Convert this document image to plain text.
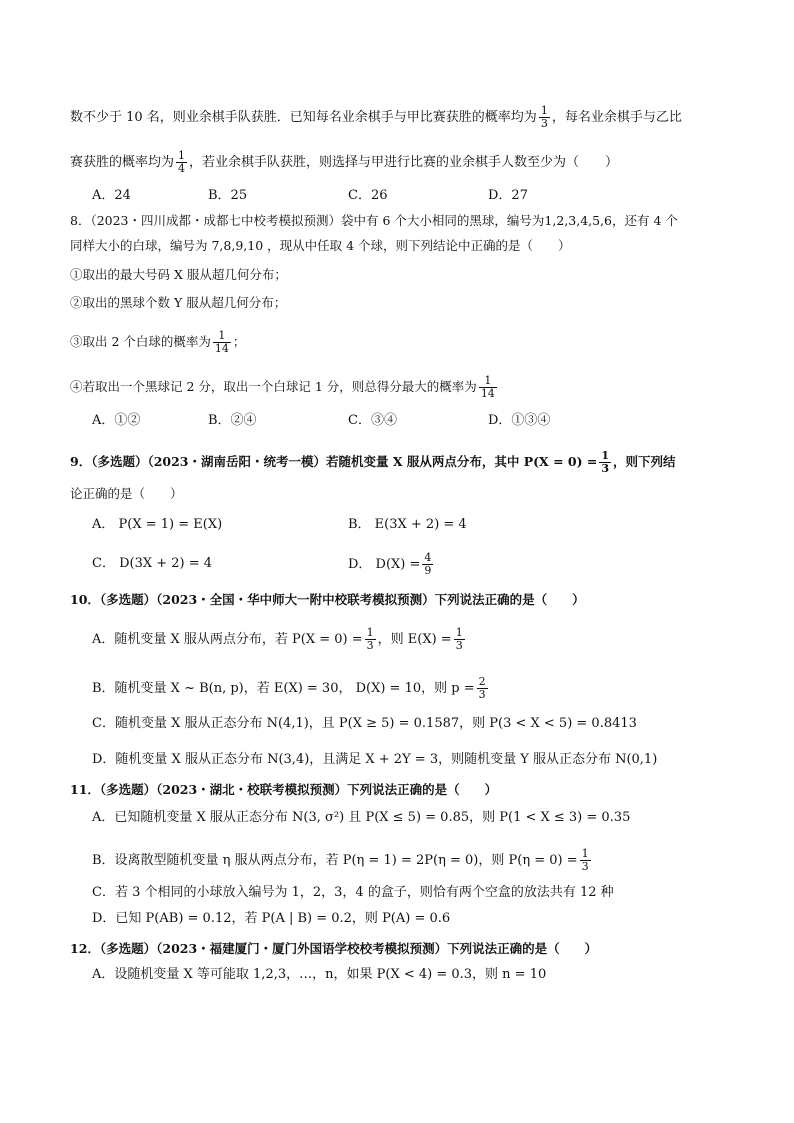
数不少于 10 名，则业余棋手队获胜．已知每名业余棋手与甲比赛获胜的概率均为 $\frac{1}{3}$ ，每名业余棋手与乙比
赛获胜的概率均为 $\frac{1}{4}$ ，若业余棋手队获胜，则选择与甲进行比赛的业余棋手人数至少为（　　）
A．24	B．25	C．26	D．27
8．（2023・四川成都・成都七中校考模拟预测）袋中有 6 个大小相同的黑球，编号为1,2,3,4,5,6，还有 4 个
同样大小的白球，编号为 7,8,9,10 ，现从中任取 4 个球，则下列结论中正确的是（　　）
①取出的最大号码 X 服从超几何分布；
②取出的黑球个数 Y 服从超几何分布；
③取出 2 个白球的概率为 $\frac{1}{14}$ ；
④若取出一个黑球记 2 分，取出一个白球记 1 分，则总得分最大的概率为 $\frac{1}{14}$
A．①②	B．②④	C．③④	D．①③④
9．（多选题）（2023・湖南岳阳・统考一模）若随机变量 X 服从两点分布，其中 $P(X = 0) = \frac{1}{3}$ ，则下列结
论正确的是（　　）
A． P(X = 1) = E(X)	B． E(3X + 2) = 4
C． D(3X + 2) = 4	D． $D(X) = \frac{4}{9}$
10．（多选题）（2023・全国・华中师大一附中校联考模拟预测）下列说法正确的是（　　）
A．随机变量 X 服从两点分布，若 $P(X = 0) = \frac{1}{3}$ ，则 $E(X) = \frac{1}{3}$
B．随机变量 X ~ B(n, p)，若 E(X) = 30， D(X) = 10，则 $p = \frac{2}{3}$
C．随机变量 X 服从正态分布 N(4,1)，且 P(X ≥ 5) = 0.1587，则 P(3 < X < 5) = 0.8413
D．随机变量 X 服从正态分布 N(3,4)，且满足 X + 2Y = 3，则随机变量 Y 服从正态分布 N(0,1)
11．（多选题）（2023・湖北・校联考模拟预测）下列说法正确的是（　　）
A．已知随机变量 X 服从正态分布 N(3, σ²) 且 P(X ≤ 5) = 0.85，则 P(1 < X ≤ 3) = 0.35
B．设离散型随机变量 η 服从两点分布，若 P(η = 1) = 2P(η = 0)，则 $P(\eta = 0) = \frac{1}{3}$
C．若 3 个相同的小球放入编号为 1，2，3，4 的盒子，则恰有两个空盒的放法共有 12 种
D．已知 P(AB) = 0.12，若 P(A | B) = 0.2，则 P(A) = 0.6
12．（多选题）（2023・福建厦门・厦门外国语学校校考模拟预测）下列说法正确的是（　　）
A．设随机变量 X 等可能取 1,2,3，…，n，如果 P(X < 4) = 0.3，则 n = 10
